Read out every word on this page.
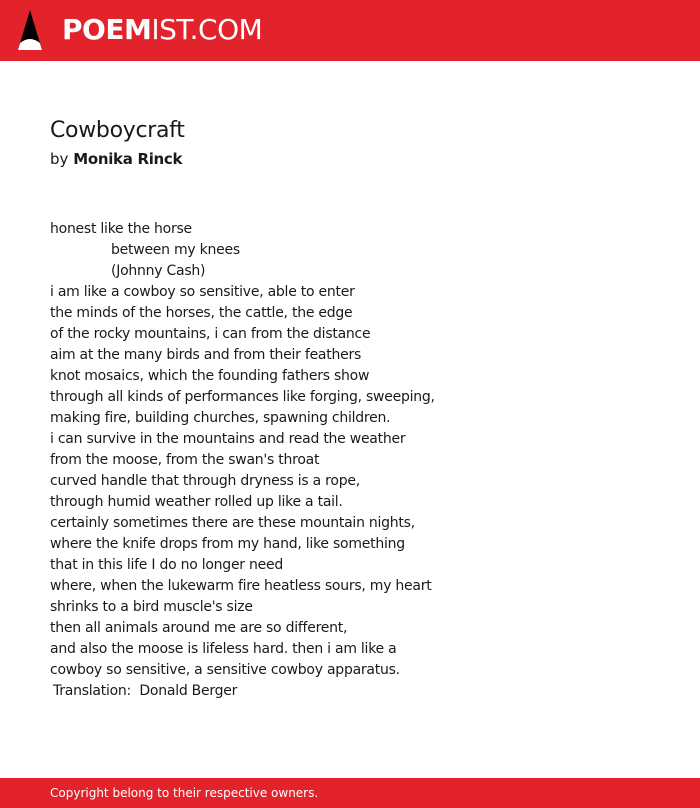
POEMIST.COM
Cowboycraft

by Monika Rinck

honest like the horse
between my knees
(Johnny Cash)
i am like a cowboy so sensitive, able to enter
the minds of the horses, the cattle, the edge
of the rocky mountains, i can from the distance
aim at the many birds and from their feathers
knot mosaics, which the founding fathers show
through all kinds of performances like forging, sweeping,
making fire, building churches, spawning children.
i can survive in the mountains and read the weather
from the moose, from the swan's throat
curved handle that through dryness is a rope,
through humid weather rolled up like a tail.
certainly sometimes there are these mountain nights,
where the knife drops from my hand, like something
that in this life I do no longer need
where, when the lukewarm fire heatless sours, my heart
shrinks to a bird muscle's size
then all animals around me are so different,
and also the moose is lifeless hard. then i am like a
cowboy so sensitive, a sensitive cowboy apparatus.
Translation:  Donald Berger
Copyright belong to their respective owners.
